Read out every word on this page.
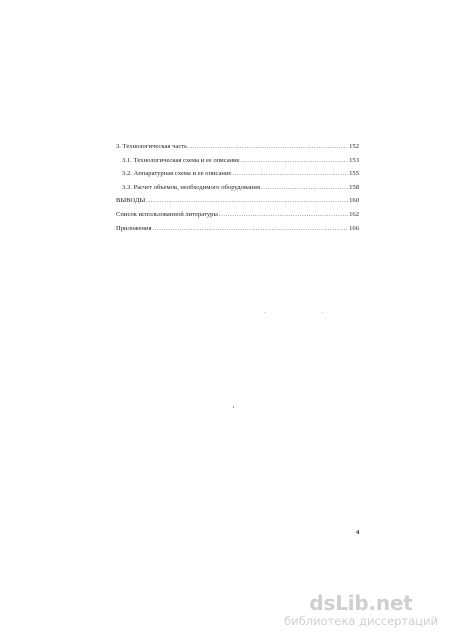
3. Технологическая часть .....	152
3.1. Технологическая схема и ее описание .....	153
3.2. Аппаратурная схема и ее описание .....	155
3.3. Расчет объемов, необходимого оборудования .....	158
ВЫВОДЫ .....	160
Список использованной литературы .....	162
Приложения .....	166
4
dsLib.net
библиотека диссертаций
